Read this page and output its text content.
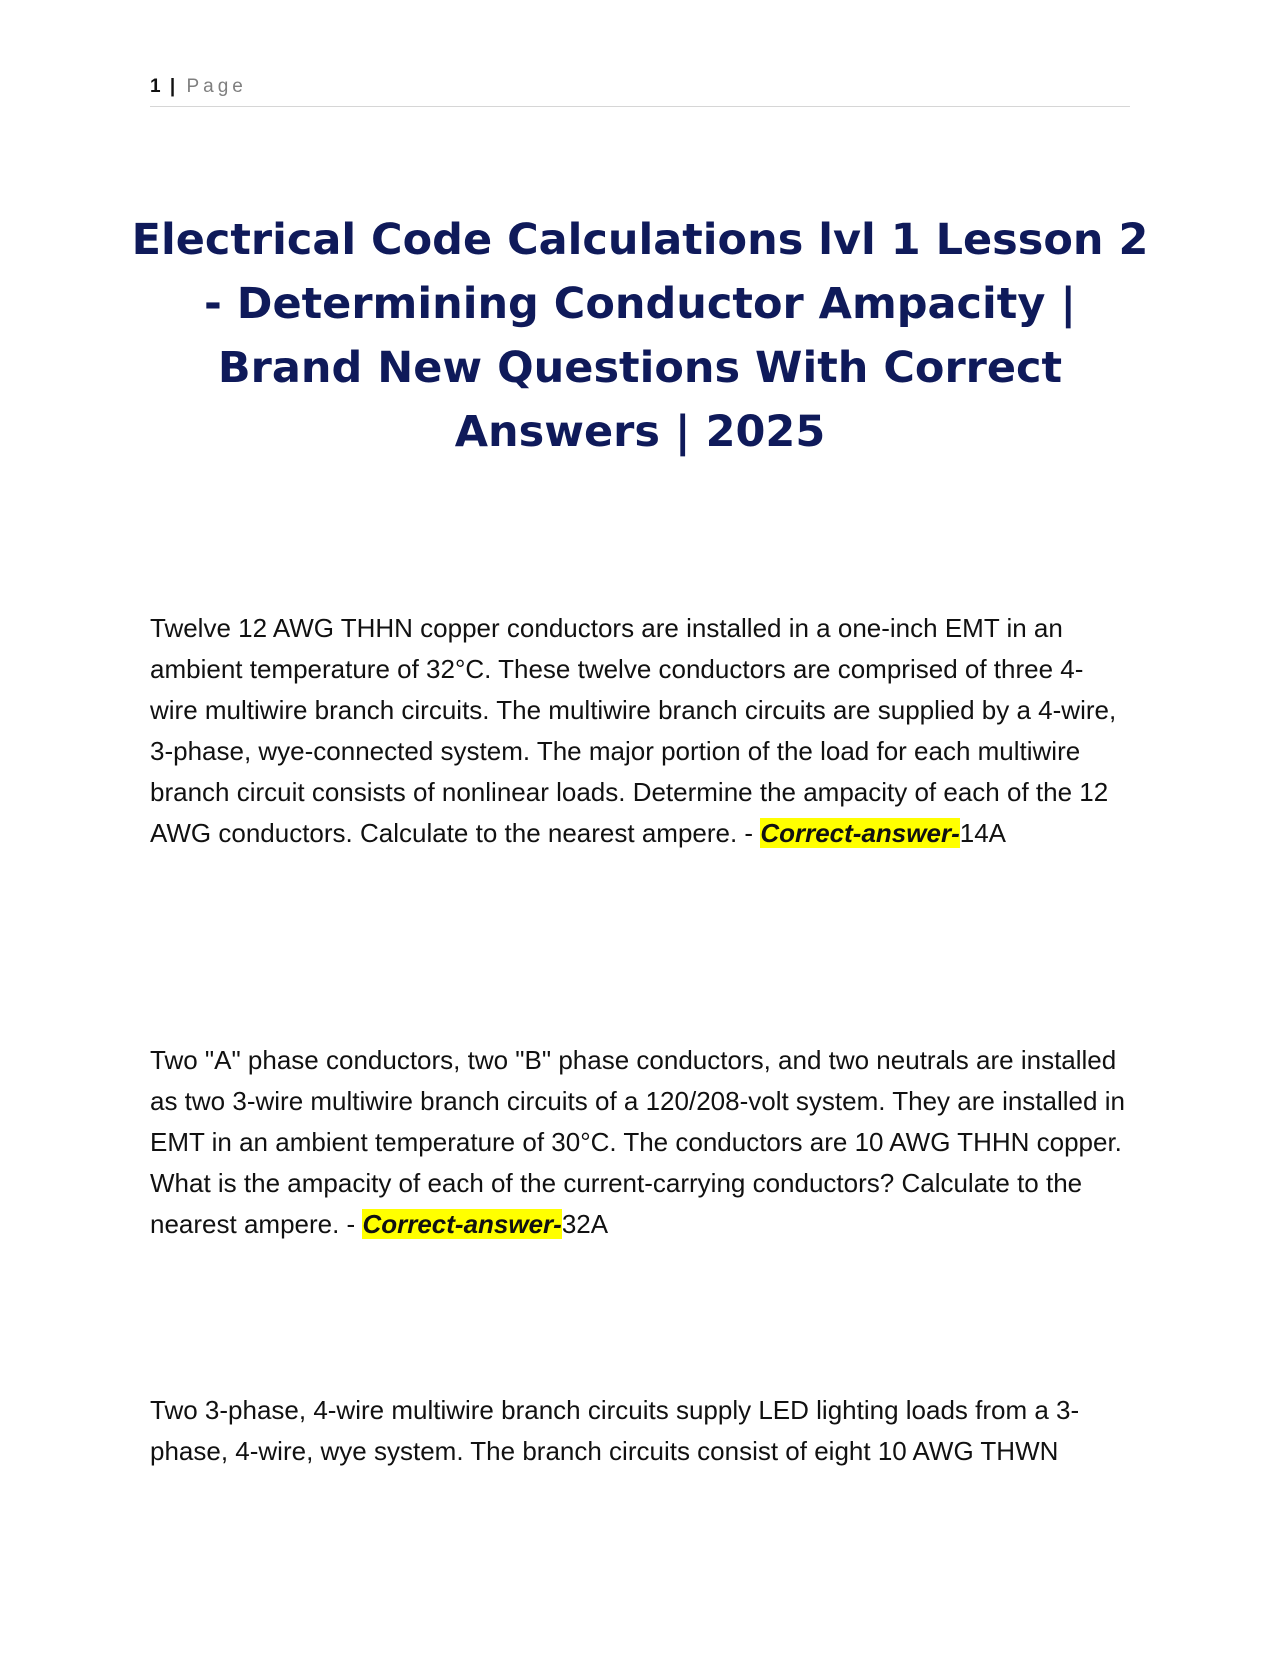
1 | Page
Electrical Code Calculations lvl 1 Lesson 2 - Determining Conductor Ampacity | Brand New Questions With Correct Answers | 2025

Twelve 12 AWG THHN copper conductors are installed in a one-inch EMT in an ambient temperature of 32°C. These twelve conductors are comprised of three 4-wire multiwire branch circuits. The multiwire branch circuits are supplied by a 4-wire, 3-phase, wye-connected system. The major portion of the load for each multiwire branch circuit consists of nonlinear loads. Determine the ampacity of each of the 12 AWG conductors. Calculate to the nearest ampere. - Correct-answer-14A

Two "A" phase conductors, two "B" phase conductors, and two neutrals are installed as two 3-wire multiwire branch circuits of a 120/208-volt system. They are installed in EMT in an ambient temperature of 30°C. The conductors are 10 AWG THHN copper. What is the ampacity of each of the current-carrying conductors? Calculate to the nearest ampere. - Correct-answer-32A

Two 3-phase, 4-wire multiwire branch circuits supply LED lighting loads from a 3-phase, 4-wire, wye system. The branch circuits consist of eight 10 AWG THWN
